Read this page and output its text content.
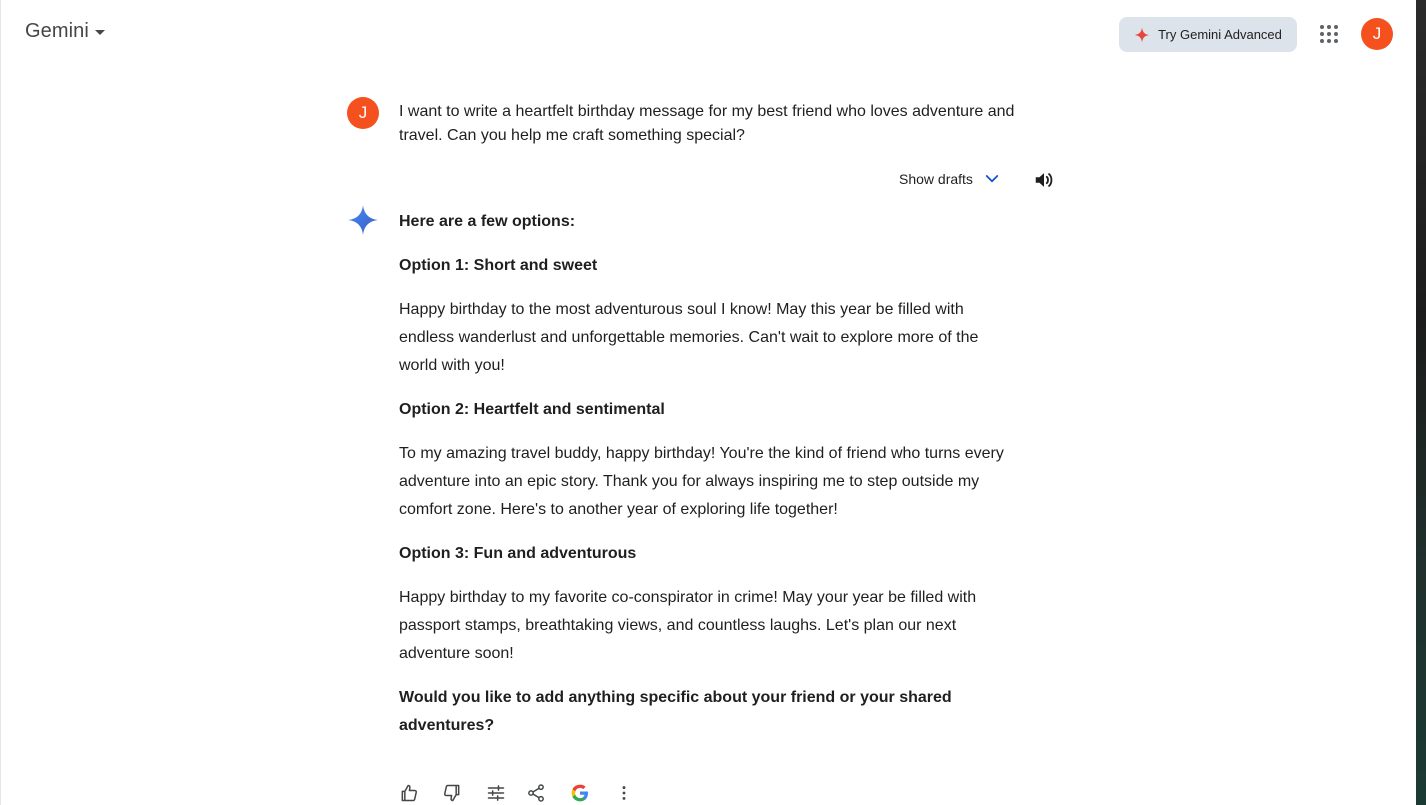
Gemini	Try Gemini Advanced	J
J I want to write a heartfelt birthday message for my best friend who loves adventure and travel. Can you help me craft something special?
Show drafts
Here are a few options:
Option 1: Short and sweet

Happy birthday to the most adventurous soul I know! May this year be filled with endless wanderlust and unforgettable memories. Can't wait to explore more of the world with you!

Option 2: Heartfelt and sentimental

To my amazing travel buddy, happy birthday! You're the kind of friend who turns every adventure into an epic story. Thank you for always inspiring me to step outside my comfort zone. Here's to another year of exploring life together!

Option 3: Fun and adventurous

Happy birthday to my favorite co-conspirator in crime! May your year be filled with passport stamps, breathtaking views, and countless laughs. Let's plan our next adventure soon!

Would you like to add anything specific about your friend or your shared adventures?
